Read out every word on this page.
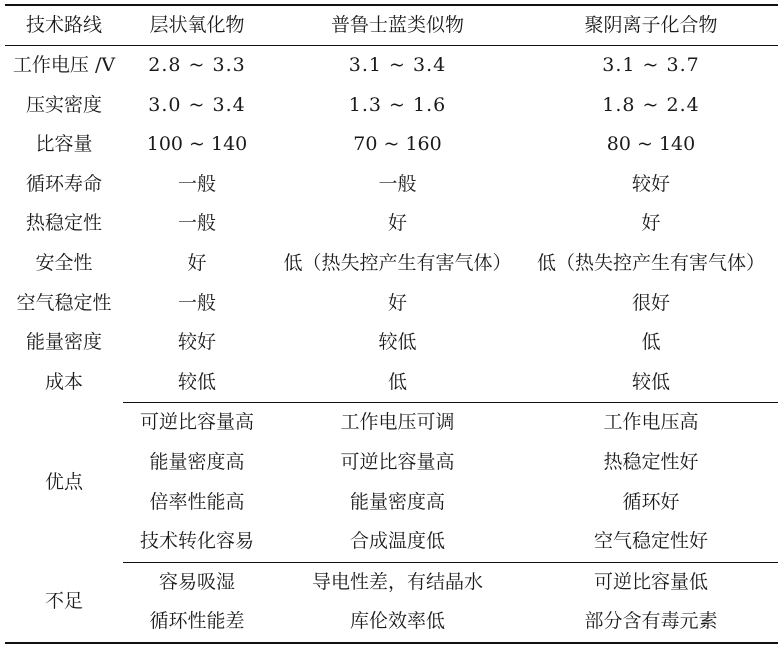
技术路线	层状氧化物	普鲁士蓝类似物	聚阴离子化合物
工作电压 /V	2.8 ~ 3.3	3.1 ~ 3.4	3.1 ~ 3.7
压实密度	3.0 ~ 3.4	1.3 ~ 1.6	1.8 ~ 2.4
比容量	100 ~ 140	70 ~ 160	80 ~ 140
循环寿命	一般	一般	较好
热稳定性	一般	好	好
安全性	好	低（热失控产生有害气体）	低（热失控产生有害气体）
空气稳定性	一般	好	很好
能量密度	较好	较低	低
成本	较低	低	较低
优点	可逆比容量高	工作电压可调	工作电压高
	能量密度高	可逆比容量高	热稳定性好
	倍率性能高	能量密度高	循环好
	技术转化容易	合成温度低	空气稳定性好
不足	容易吸湿	导电性差，有结晶水	可逆比容量低
	循环性能差	库伦效率低	部分含有毒元素
